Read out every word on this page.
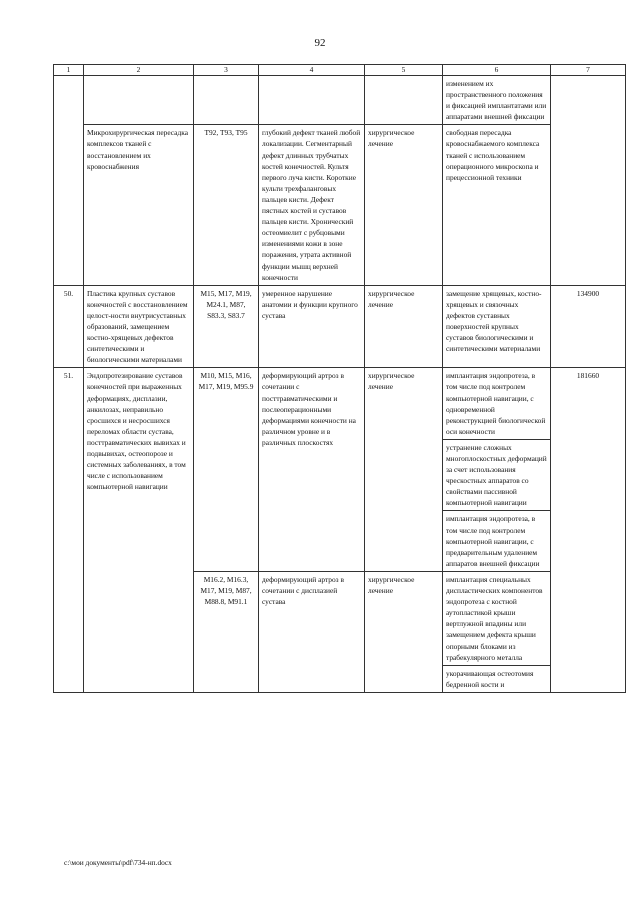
92
1	2	3	4	5	6	7
					изменением их пространственного положения и фиксацией имплантатами или аппаратами внешней фиксации	
	Микрохирургическая пересадка комплексов тканей с восстановлением их кровоснабжения	Т92, Т93, Т95	глубокий дефект тканей любой локализации. Сегментарный дефект длинных трубчатых костей конечностей. Культя первого луча кисти. Короткие культи трехфаланговых пальцев кисти. Дефект пястных костей и суставов пальцев кисти. Хронический остеомиелит с рубцовыми изменениями кожи в зоне поражения, утрата активной функции мышц верхней конечности	хирургическое лечение	свободная пересадка кровоснабжаемого комплекса тканей с использованием операционного микроскопа и прецессионной техники	
50.	Пластика крупных суставов конечностей с восстановлением целост-ности внутрисуставных образований, замещением костно-хрящевых дефектов синтетическими и биологическими материалами	М15, М17, М19, М24.1, М87, S83.3, S83.7	умеренное нарушение анатомии и функции крупного сустава	хирургическое лечение	замещение хрящевых, костно-хрящевых и связочных дефектов суставных поверхностей крупных суставов биологическими и синтетическими материалами	134900
51.	Эндопротезирование суставов конечностей при выраженных деформациях, дисплазии, анкилозах, неправильно сросшихся и несросшихся переломах области сустава, посттравматических вывихах и подвывихах, остеопорозе и системных заболеваниях, в том числе с использованием компьютерной навигации	М10, М15, М16, М17, М19, М95.9	деформирующий артроз в сочетании с посттравматическими и послеоперационными деформациями конечности на различном уровне и в различных плоскостях	хирургическое лечение	имплантация эндопротеза, в том числе под контролем компьютерной навигации, с одновременной реконструкцией биологической оси конечности	181660
					устранение сложных многоплоскостных деформаций за счет использования чрескостных аппаратов со свойствами пассивной компьютерной навигации	
					имплантация эндопротеза, в том числе под контролем компьютерной навигации, с предварительным удалением аппаратов внешней фиксации	
		М16.2, М16.3, М17, М19, М87, М88.8, М91.1	деформирующий артроз в сочетании с дисплазией сустава	хирургическое лечение	имплантация специальных диспластических компонентов эндопротеза с костной аутопластикой крыши вертлужной впадины или замещением дефекта крыши опорными блоками из трабекулярного металла	
					укорачивающая остеотомия бедренной кости и	
c:\мои документы\pdf\734-нп.docx
